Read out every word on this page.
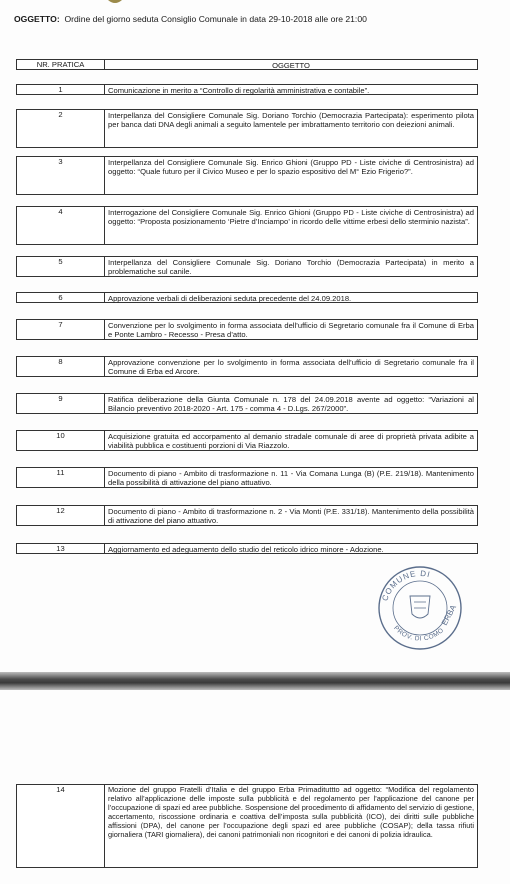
OGGETTO: Ordine del giorno seduta Consiglio Comunale in data 29-10-2018 alle ore 21:00
NR. PRATICA	OGGETTO
1	Comunicazione in merito a “Controllo di regolarità amministrativa e contabile”.
2	Interpellanza del Consigliere Comunale Sig. Doriano Torchio (Democrazia Partecipata): esperimento pilota per banca dati DNA degli animali a seguito lamentele per imbrattamento territorio con deiezioni animali.
3	Interpellanza del Consigliere Comunale Sig. Enrico Ghioni (Gruppo PD - Liste civiche di Centrosinistra) ad oggetto: “Quale futuro per il Civico Museo e per lo spazio espositivo del M° Ezio Frigerio?”.
4	Interrogazione del Consigliere Comunale Sig. Enrico Ghioni (Gruppo PD - Liste civiche di Centrosinistra) ad oggetto: “Proposta posizionamento ‘Pietre d’Inciampo’ in ricordo delle vittime erbesi dello sterminio nazista”.
5	Interpellanza del Consigliere Comunale Sig. Doriano Torchio (Democrazia Partecipata) in merito a problematiche sul canile.
6	Approvazione verbali di deliberazioni seduta precedente del 24.09.2018.
7	Convenzione per lo svolgimento in forma associata dell’ufficio di Segretario comunale fra il Comune di Erba e Ponte Lambro - Recesso - Presa d’atto.
8	Approvazione convenzione per lo svolgimento in forma associata dell’ufficio di Segretario comunale fra il Comune di Erba ed Arcore.
9	Ratifica deliberazione della Giunta Comunale n. 178 del 24.09.2018 avente ad oggetto: “Variazioni al Bilancio preventivo 2018-2020 - Art. 175 - comma 4 - D.Lgs. 267/2000”.
10	Acquisizione gratuita ed accorpamento al demanio stradale comunale di aree di proprietà privata adibite a viabilità pubblica e costituenti porzioni di Via Riazzolo.
11	Documento di piano - Ambito di trasformazione n. 11 - Via Comana Lunga (B) (P.E. 219/18). Mantenimento della possibilità di attivazione del piano attuativo.
12	Documento di piano - Ambito di trasformazione n. 2 - Via Monti (P.E. 331/18). Mantenimento della possibilità di attivazione del piano attuativo.
13	Aggiornamento ed adeguamento dello studio del reticolo idrico minore - Adozione.
COMUNE DI
ERBA
PROV. DI COMO
14	Mozione del gruppo Fratelli d’Italia e del gruppo Erba Primadituttto ad oggetto: “Modifica del regolamento relativo all’applicazione delle imposte sulla pubblicità e del regolamento per l’applicazione del canone per l’occupazione di spazi ed aree pubbliche. Sospensione del procedimento di affidamento del servizio di gestione, accertamento, riscossione ordinaria e coattiva dell’imposta sulla pubblicità (ICO), dei diritti sulle pubbliche affissioni (DPA), del canone per l’occupazione degli spazi ed aree pubbliche (COSAP); della tassa rifiuti giornaliera (TARI giornaliera), dei canoni patrimoniali non ricognitori e dei canoni di polizia idraulica.
